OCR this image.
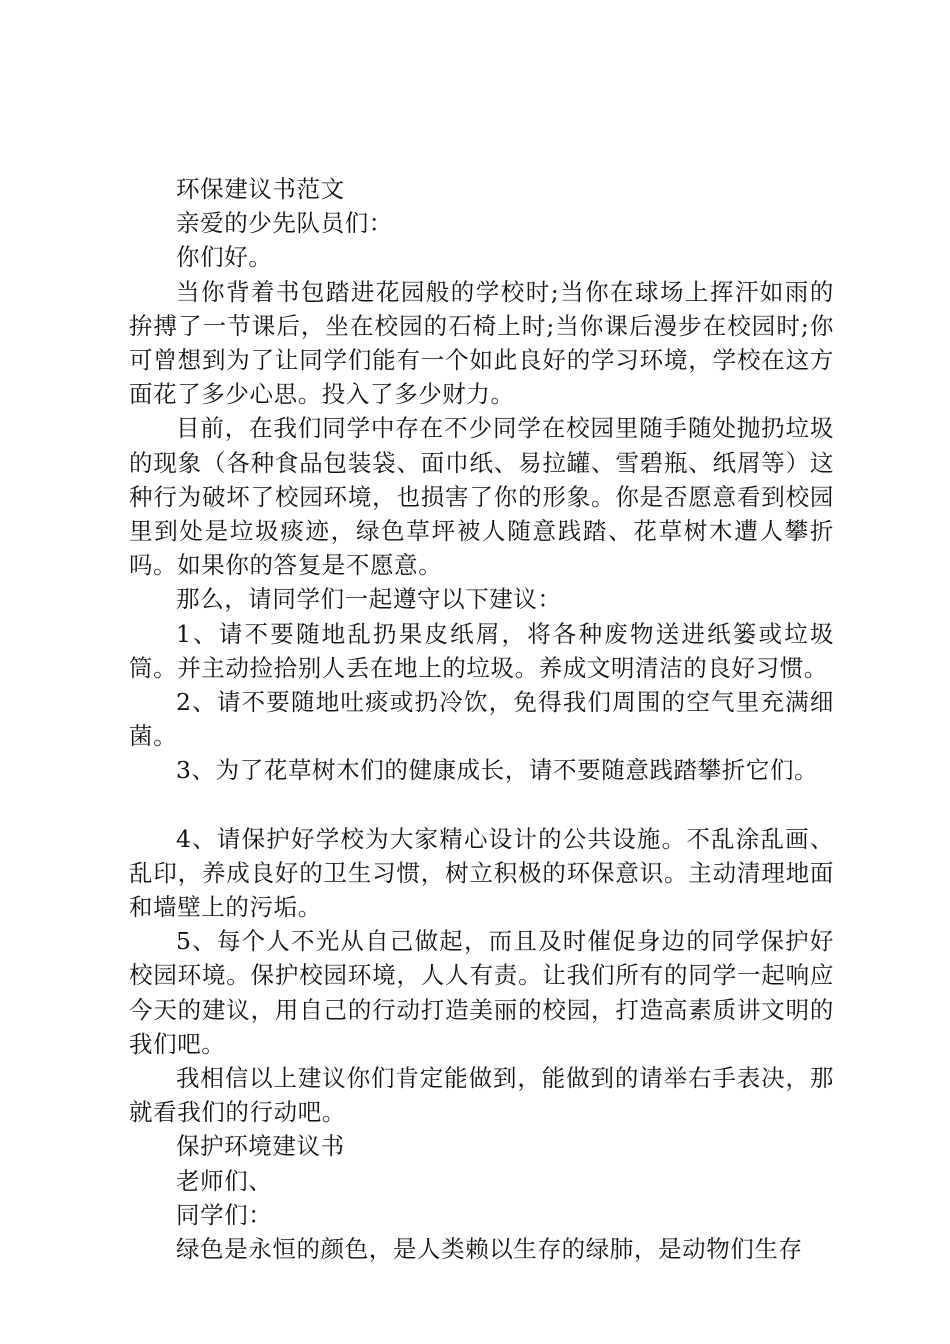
环保建议书范文

亲爱的少先队员们：

你们好。

当你背着书包踏进花园般的学校时;当你在球场上挥汗如雨的拚搏了一节课后，坐在校园的石椅上时;当你课后漫步在校园时;你可曾想到为了让同学们能有一个如此良好的学习环境，学校在这方面花了多少心思。投入了多少财力。

目前，在我们同学中存在不少同学在校园里随手随处抛扔垃圾的现象（各种食品包装袋、面巾纸、易拉罐、雪碧瓶、纸屑等）这种行为破坏了校园环境，也损害了你的形象。你是否愿意看到校园里到处是垃圾痰迹，绿色草坪被人随意践踏、花草树木遭人攀折吗。如果你的答复是不愿意。

那么，请同学们一起遵守以下建议：

1、请不要随地乱扔果皮纸屑，将各种废物送进纸篓或垃圾筒。并主动捡拾别人丢在地上的垃圾。养成文明清洁的良好习惯。

2、请不要随地吐痰或扔冷饮，免得我们周围的空气里充满细菌。

3、为了花草树木们的健康成长，请不要随意践踏攀折它们。

4、请保护好学校为大家精心设计的公共设施。不乱涂乱画、乱印，养成良好的卫生习惯，树立积极的环保意识。主动清理地面和墙壁上的污垢。

5、每个人不光从自己做起，而且及时催促身边的同学保护好校园环境。保护校园环境，人人有责。让我们所有的同学一起响应今天的建议，用自己的行动打造美丽的校园，打造高素质讲文明的我们吧。

我相信以上建议你们肯定能做到，能做到的请举右手表决，那就看我们的行动吧。

保护环境建议书

老师们、

同学们：

绿色是永恒的颜色，是人类赖以生存的绿肺，是动物们生存
